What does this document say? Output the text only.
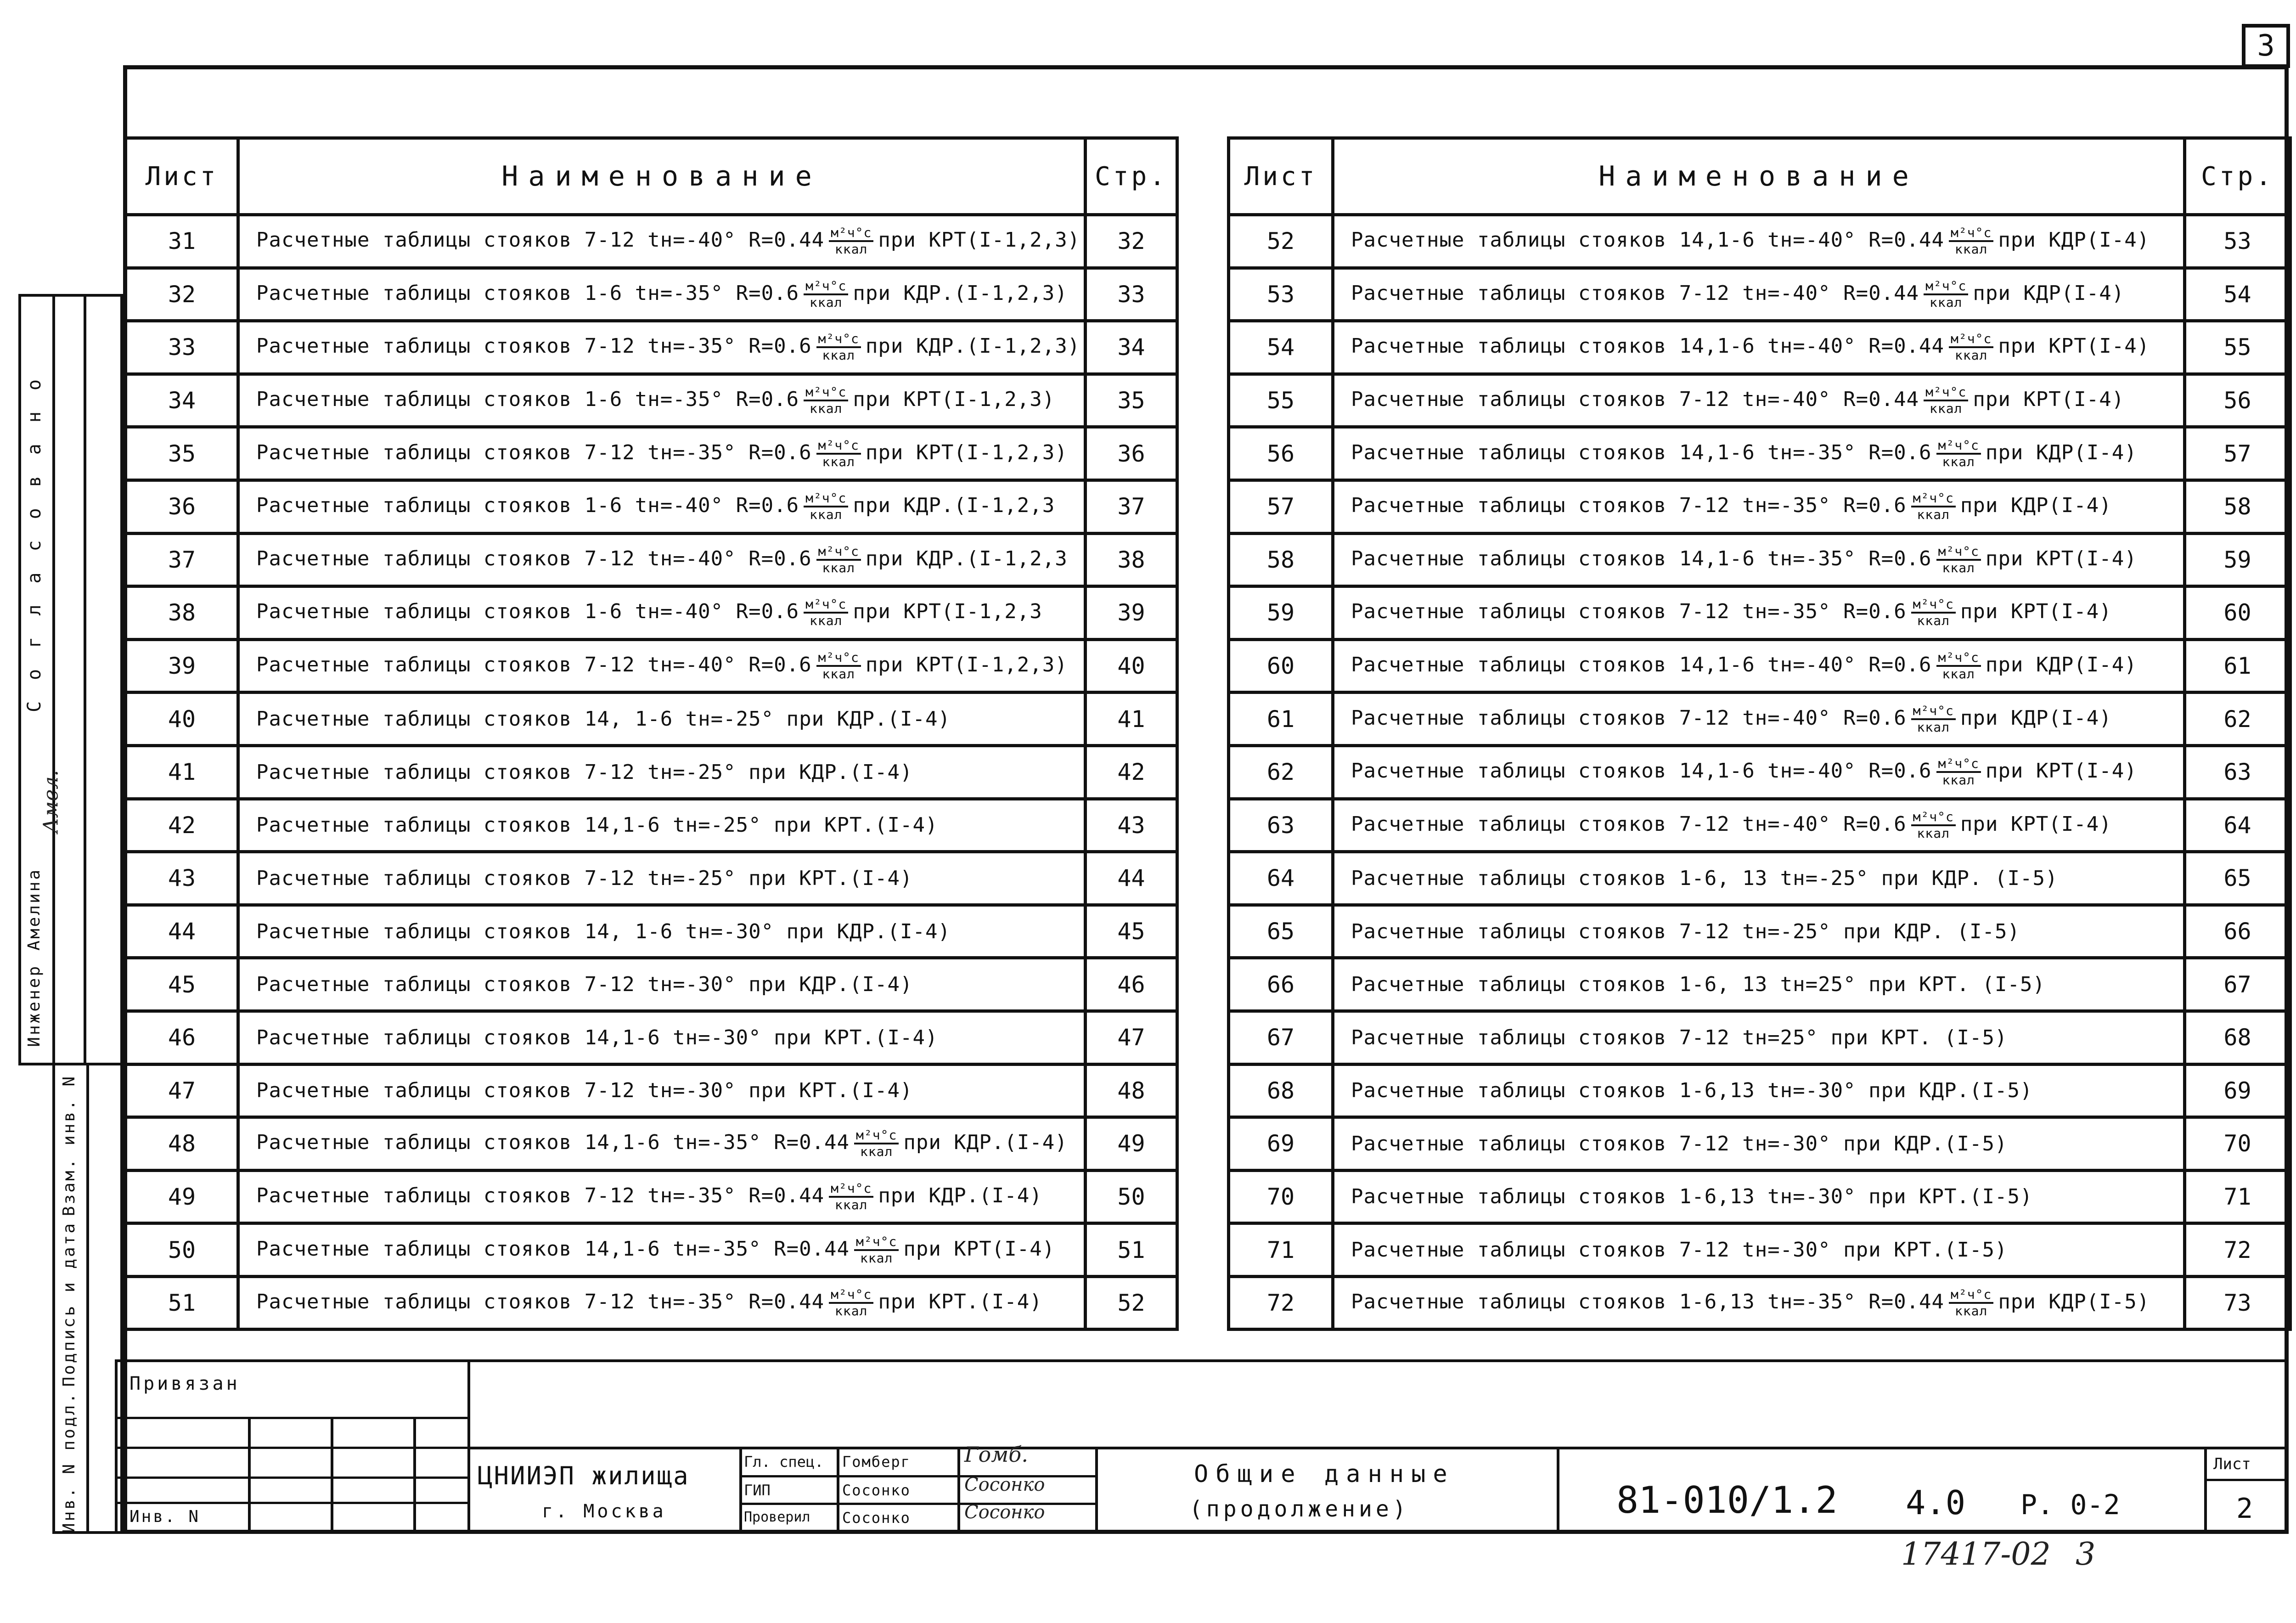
3
Лист	Наименование	Стр.
31	Расчетные таблицы стояков 7-12 tн=-40° $R=0.44 \frac{\text{м²ч°с}}{\text{ккал}}$ при КРТ(I-1,2,3)	32
32	Расчетные таблицы стояков 1-6 tн=-35° $R=0.6 \frac{\text{м²ч°с}}{\text{ккал}}$ при КДР.(I-1,2,3)	33
33	Расчетные таблицы стояков 7-12 tн=-35° $R=0.6 \frac{\text{м²ч°с}}{\text{ккал}}$ при КДР.(I-1,2,3)	34
34	Расчетные таблицы стояков 1-6 tн=-35° $R=0.6 \frac{\text{м²ч°с}}{\text{ккал}}$ при КРТ(I-1,2,3)	35
35	Расчетные таблицы стояков 7-12 tн=-35° $R=0.6 \frac{\text{м²ч°с}}{\text{ккал}}$ при КРТ(I-1,2,3)	36
36	Расчетные таблицы стояков 1-6 tн=-40° $R=0.6 \frac{\text{м²ч°с}}{\text{ккал}}$ при КДР.(I-1,2,3	37
37	Расчетные таблицы стояков 7-12 tн=-40° $R=0.6 \frac{\text{м²ч°с}}{\text{ккал}}$ при КДР.(I-1,2,3	38
38	Расчетные таблицы стояков 1-6 tн=-40° $R=0.6 \frac{\text{м²ч°с}}{\text{ккал}}$ при КРТ(I-1,2,3	39
39	Расчетные таблицы стояков 7-12 tн=-40° $R=0.6 \frac{\text{м²ч°с}}{\text{ккал}}$ при КРТ(I-1,2,3)	40
40	Расчетные таблицы стояков 14, 1-6 tн=-25° при КДР.(I-4)	41
41	Расчетные таблицы стояков 7-12 tн=-25° при КДР.(I-4)	42
42	Расчетные таблицы стояков 14,1-6 tн=-25° при КРТ.(I-4)	43
43	Расчетные таблицы стояков 7-12 tн=-25° при КРТ.(I-4)	44
44	Расчетные таблицы стояков 14, 1-6 tн=-30° при КДР.(I-4)	45
45	Расчетные таблицы стояков 7-12 tн=-30° при КДР.(I-4)	46
46	Расчетные таблицы стояков 14,1-6 tн=-30° при КРТ.(I-4)	47
47	Расчетные таблицы стояков 7-12 tн=-30° при КРТ.(I-4)	48
48	Расчетные таблицы стояков 14,1-6 tн=-35° $R=0.44 \frac{\text{м²ч°с}}{\text{ккал}}$ при КДР.(I-4)	49
49	Расчетные таблицы стояков 7-12 tн=-35° $R=0.44 \frac{\text{м²ч°с}}{\text{ккал}}$ при КДР.(I-4)	50
50	Расчетные таблицы стояков 14,1-6 tн=-35° $R=0.44 \frac{\text{м²ч°с}}{\text{ккал}}$ при КРТ(I-4)	51
51	Расчетные таблицы стояков 7-12 tн=-35° $R=0.44 \frac{\text{м²ч°с}}{\text{ккал}}$ при КРТ.(I-4)	52
Лист	Наименование	Стр.
52	Расчетные таблицы стояков 14,1-6 tн=-40° $R=0.44 \frac{\text{м²ч°с}}{\text{ккал}}$ при КДР(I-4)	53
53	Расчетные таблицы стояков 7-12 tн=-40° $R=0.44 \frac{\text{м²ч°с}}{\text{ккал}}$ при КДР(I-4)	54
54	Расчетные таблицы стояков 14,1-6 tн=-40° $R=0.44 \frac{\text{м²ч°с}}{\text{ккал}}$ при КРТ(I-4)	55
55	Расчетные таблицы стояков 7-12 tн=-40° $R=0.44 \frac{\text{м²ч°с}}{\text{ккал}}$ при КРТ(I-4)	56
56	Расчетные таблицы стояков 14,1-6 tн=-35° $R=0.6 \frac{\text{м²ч°с}}{\text{ккал}}$ при КДР(I-4)	57
57	Расчетные таблицы стояков 7-12 tн=-35° $R=0.6 \frac{\text{м²ч°с}}{\text{ккал}}$ при КДР(I-4)	58
58	Расчетные таблицы стояков 14,1-6 tн=-35° $R=0.6 \frac{\text{м²ч°с}}{\text{ккал}}$ при КРТ(I-4)	59
59	Расчетные таблицы стояков 7-12 tн=-35° $R=0.6 \frac{\text{м²ч°с}}{\text{ккал}}$ при КРТ(I-4)	60
60	Расчетные таблицы стояков 14,1-6 tн=-40° $R=0.6 \frac{\text{м²ч°с}}{\text{ккал}}$ при КДР(I-4)	61
61	Расчетные таблицы стояков 7-12 tн=-40° $R=0.6 \frac{\text{м²ч°с}}{\text{ккал}}$ при КДР(I-4)	62
62	Расчетные таблицы стояков 14,1-6 tн=-40° $R=0.6 \frac{\text{м²ч°с}}{\text{ккал}}$ при КРТ(I-4)	63
63	Расчетные таблицы стояков 7-12 tн=-40° $R=0.6 \frac{\text{м²ч°с}}{\text{ккал}}$ при КРТ(I-4)	64
64	Расчетные таблицы стояков 1-6, 13 tн=-25° при КДР. (I-5)	65
65	Расчетные таблицы стояков 7-12 tн=-25° при КДР. (I-5)	66
66	Расчетные таблицы стояков 1-6, 13 tн=25° при КРТ. (I-5)	67
67	Расчетные таблицы стояков 7-12 tн=25° при КРТ. (I-5)	68
68	Расчетные таблицы стояков 1-6,13 tн=-30° при КДР.(I-5)	69
69	Расчетные таблицы стояков 7-12 tн=-30° при КДР.(I-5)	70
70	Расчетные таблицы стояков 1-6,13 tн=-30° при КРТ.(I-5)	71
71	Расчетные таблицы стояков 7-12 tн=-30° при КРТ.(I-5)	72
72	Расчетные таблицы стояков 1-6,13 tн=-35° $R=0.44 \frac{\text{м²ч°с}}{\text{ккал}}$ при КДР(I-5)	73
Согласовано
Инженер
Амелина
Амел.
Взам. инв. N
Подпись и дата
Инв. N подл.
Привязан
Инв. N
ЦНИИЭП жилища
г. Москва
Гл. спец.
ГИП
Проверил
Гомберг
Сосонко
Сосонко
Гомб.
Сосонко
Сосонко
Общие данные
(продолжение)	81-010/1.2 4.0 Р. 0-2
Лист
2
17417-02 3
